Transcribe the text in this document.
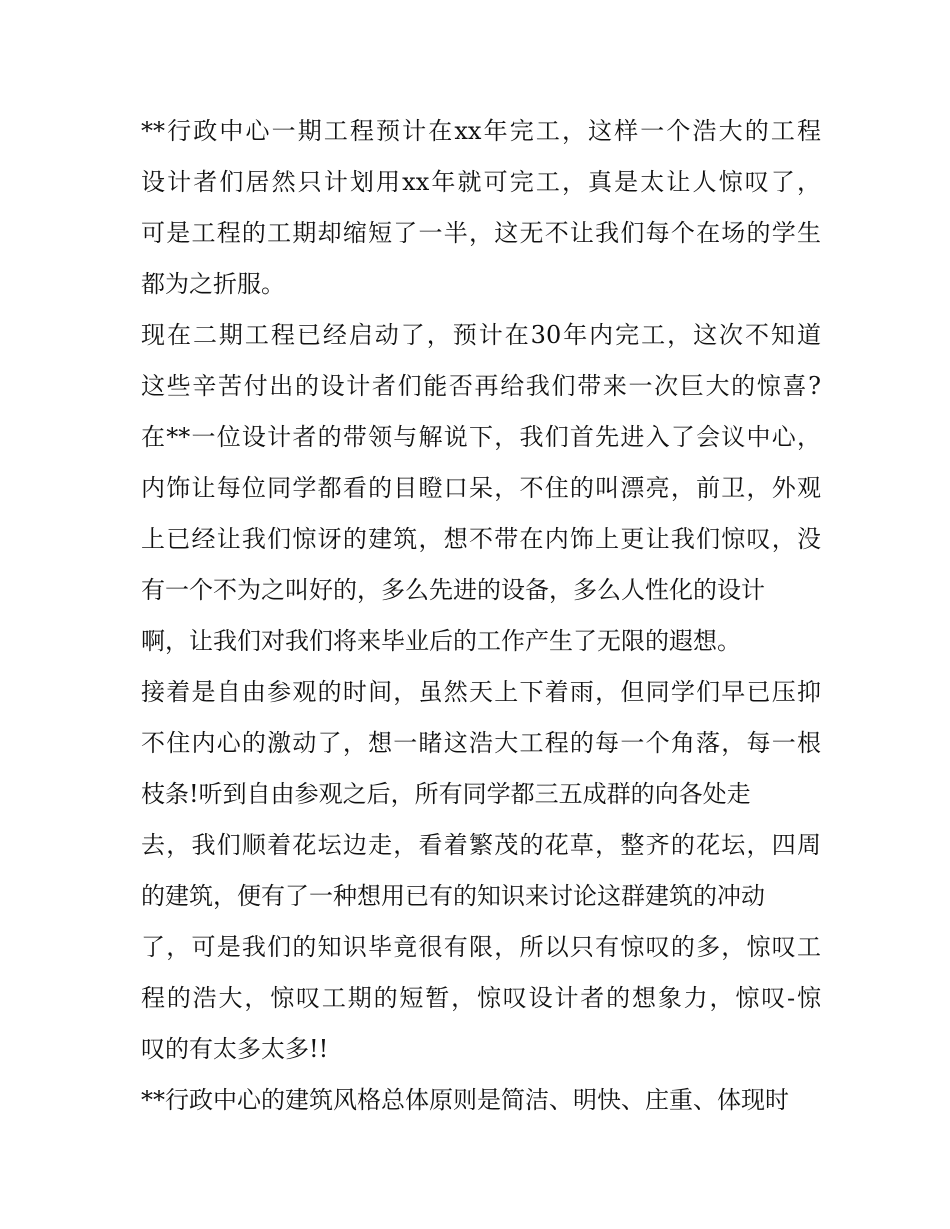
**行政中心一期工程预计在xx年完工，这样一个浩大的工程
设计者们居然只计划用xx年就可完工，真是太让人惊叹了，
可是工程的工期却缩短了一半，这无不让我们每个在场的学生
都为之折服。
现在二期工程已经启动了，预计在30年内完工，这次不知道
这些辛苦付出的设计者们能否再给我们带来一次巨大的惊喜?
在**一位设计者的带领与解说下，我们首先进入了会议中心，
内饰让每位同学都看的目瞪口呆，不住的叫漂亮，前卫，外观
上已经让我们惊讶的建筑，想不带在内饰上更让我们惊叹，没
有一个不为之叫好的，多么先进的设备，多么人性化的设计
啊，让我们对我们将来毕业后的工作产生了无限的遐想。
接着是自由参观的时间，虽然天上下着雨，但同学们早已压抑
不住内心的激动了，想一睹这浩大工程的每一个角落，每一根
枝条!听到自由参观之后，所有同学都三五成群的向各处走
去，我们顺着花坛边走，看着繁茂的花草，整齐的花坛，四周
的建筑，便有了一种想用已有的知识来讨论这群建筑的冲动
了，可是我们的知识毕竟很有限，所以只有惊叹的多，惊叹工
程的浩大，惊叹工期的短暂，惊叹设计者的想象力，惊叹-惊
叹的有太多太多!!
**行政中心的建筑风格总体原则是简洁、明快、庄重、体现时
